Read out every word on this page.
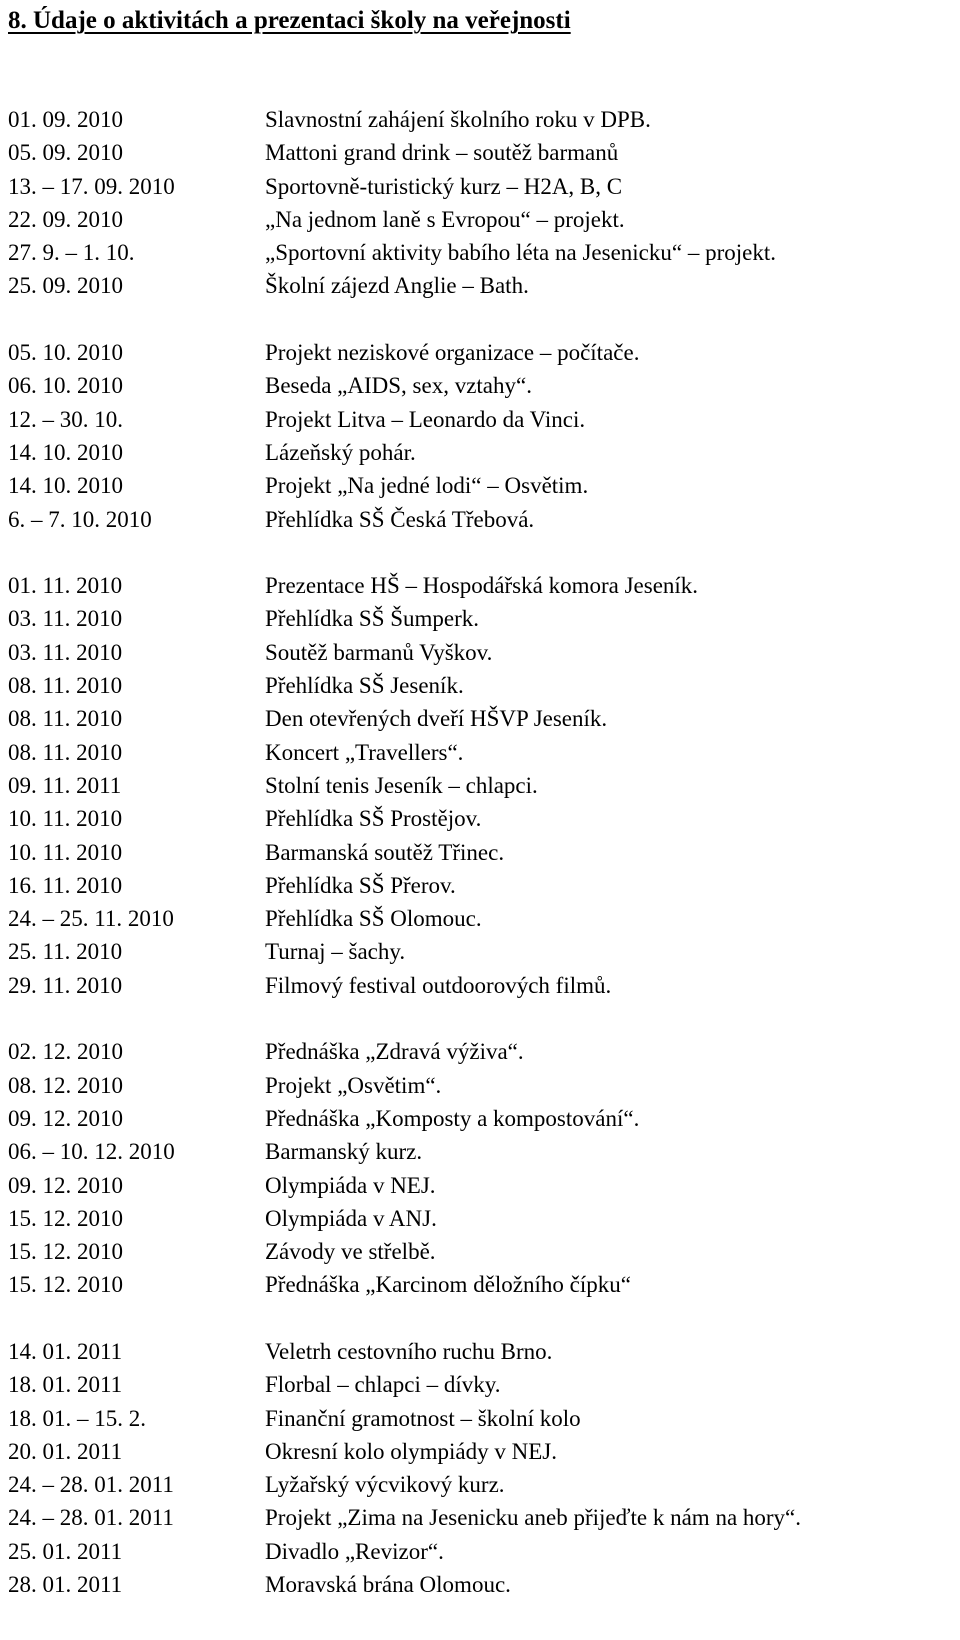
8. Údaje o aktivitách a prezentaci školy na veřejnosti
01. 09. 2010	Slavnostní zahájení školního roku v DPB.
05. 09. 2010	Mattoni grand drink – soutěž barmanů
13. – 17. 09. 2010	Sportovně-turistický kurz – H2A, B, C
22. 09. 2010	„Na jednom laně s Evropou“ – projekt.
27. 9. – 1. 10.	„Sportovní aktivity babího léta na Jesenicku“ – projekt.
25. 09. 2010	Školní zájezd Anglie – Bath.
05. 10. 2010	Projekt neziskové organizace – počítače.
06. 10. 2010	Beseda „AIDS, sex, vztahy“.
12. – 30. 10.	Projekt Litva – Leonardo da Vinci.
14. 10. 2010	Lázeňský pohár.
14. 10. 2010	Projekt „Na jedné lodi“ – Osvětim.
6. – 7. 10. 2010	Přehlídka SŠ Česká Třebová.
01. 11. 2010	Prezentace HŠ – Hospodářská komora Jeseník.
03. 11. 2010	Přehlídka SŠ Šumperk.
03. 11. 2010	Soutěž barmanů Vyškov.
08. 11. 2010	Přehlídka SŠ Jeseník.
08. 11. 2010	Den otevřených dveří HŠVP Jeseník.
08. 11. 2010	Koncert „Travellers“.
09. 11. 2011	Stolní tenis Jeseník – chlapci.
10. 11. 2010	Přehlídka SŠ Prostějov.
10. 11. 2010	Barmanská soutěž Třinec.
16. 11. 2010	Přehlídka SŠ Přerov.
24. – 25. 11. 2010	Přehlídka SŠ Olomouc.
25. 11. 2010	Turnaj – šachy.
29. 11. 2010	Filmový festival outdoorových filmů.
02. 12. 2010	Přednáška „Zdravá výživa“.
08. 12. 2010	Projekt „Osvětim“.
09. 12. 2010	Přednáška „Komposty a kompostování“.
06. – 10. 12. 2010	Barmanský kurz.
09. 12. 2010	Olympiáda v NEJ.
15. 12. 2010	Olympiáda v ANJ.
15. 12. 2010	Závody ve střelbě.
15. 12. 2010	Přednáška „Karcinom děložního čípku“
14. 01. 2011	Veletrh cestovního ruchu Brno.
18. 01. 2011	Florbal – chlapci – dívky.
18. 01. – 15. 2.	Finanční gramotnost – školní kolo
20. 01. 2011	Okresní kolo olympiády v NEJ.
24. – 28. 01. 2011	Lyžařský výcvikový kurz.
24. – 28. 01. 2011	Projekt „Zima na Jesenicku aneb přijeďte k nám na hory“.
25. 01. 2011	Divadlo „Revizor“.
28. 01. 2011	Moravská brána Olomouc.
